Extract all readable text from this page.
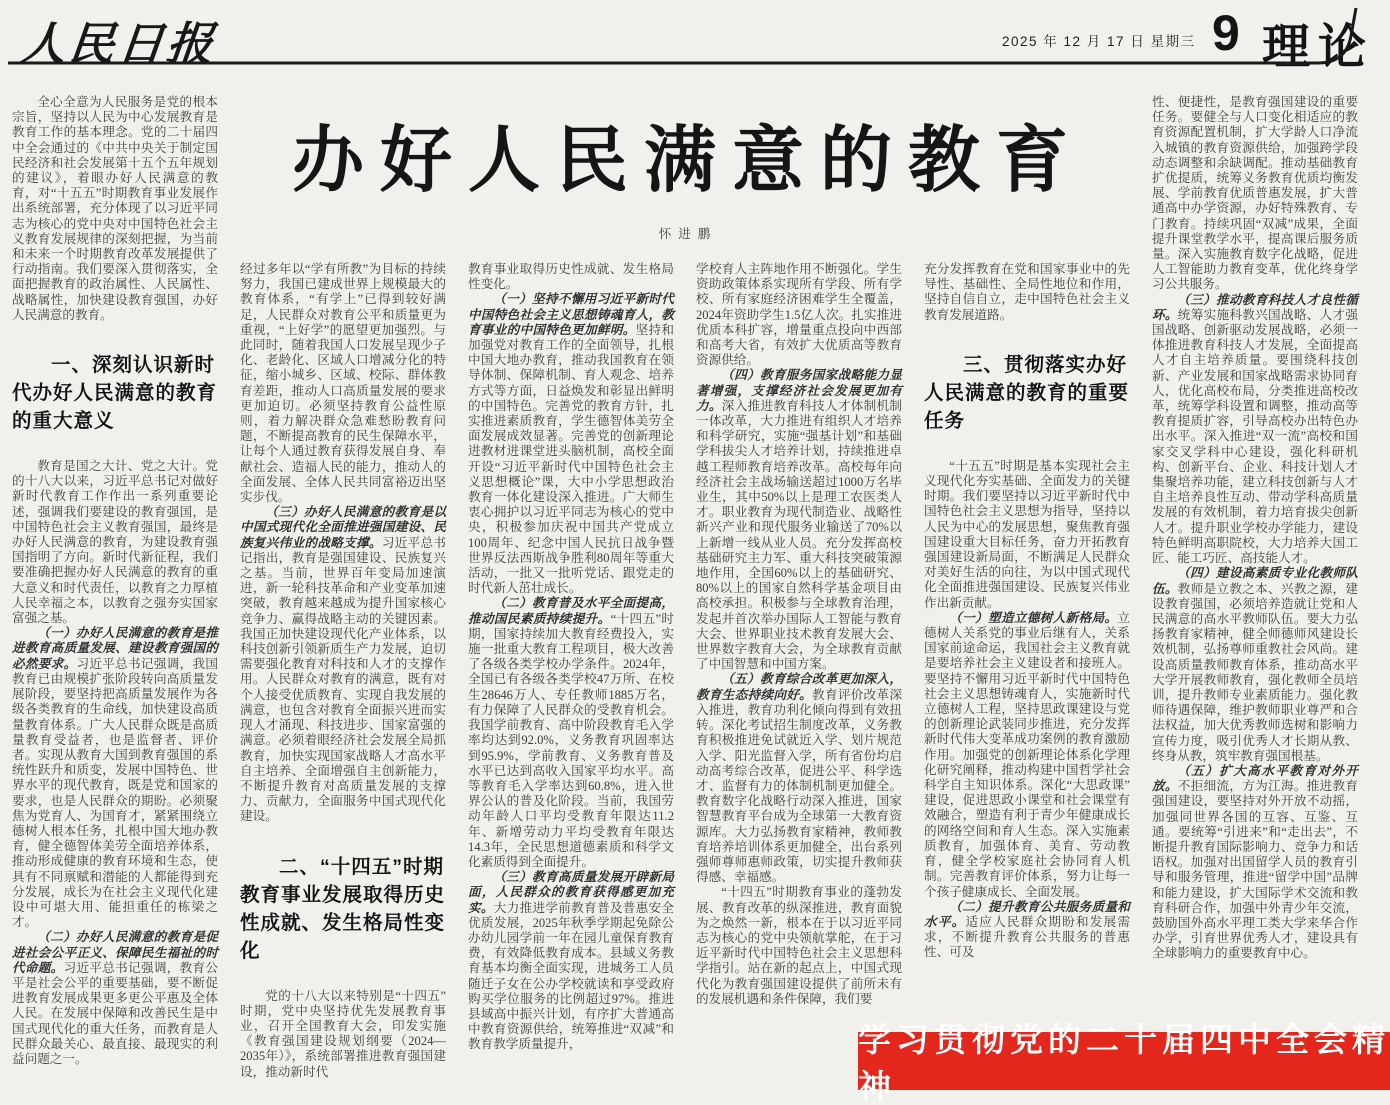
人民日报	2025 年 12 月 17 日 星期三 9 理论
办好人民满意的教育
怀进鹏

全心全意为人民服务是党的根本宗旨，坚持以人民为中心发展教育是教育工作的基本理念。党的二十届四中全会通过的《中共中央关于制定国民经济和社会发展第十五个五年规划的建议》，着眼办好人民满意的教育，对“十五五”时期教育事业发展作出系统部署，充分体现了以习近平同志为核心的党中央对中国特色社会主义教育发展规律的深刻把握，为当前和未来一个时期教育改革发展提供了行动指南。我们要深入贯彻落实，全面把握教育的政治属性、人民属性、战略属性，加快建设教育强国，办好人民满意的教育。

一、深刻认识新时代办好人民满意的教育的重大意义

教育是国之大计、党之大计。党的十八大以来，习近平总书记对做好新时代教育工作作出一系列重要论述，强调我们要建设的教育强国，是中国特色社会主义教育强国，最终是办好人民满意的教育，为建设教育强国指明了方向。新时代新征程，我们要准确把握办好人民满意的教育的重大意义和时代责任，以教育之力厚植人民幸福之本，以教育之强夯实国家富强之基。

（一）办好人民满意的教育是推进教育高质量发展、建设教育强国的必然要求。习近平总书记强调，我国教育已由规模扩张阶段转向高质量发展阶段，要坚持把高质量发展作为各级各类教育的生命线，加快建设高质量教育体系。广大人民群众既是高质量教育受益者，也是监督者、评价者。实现从教育大国到教育强国的系统性跃升和质变，发展中国特色、世界水平的现代教育，既是党和国家的要求，也是人民群众的期盼。必须聚焦为党育人、为国育才，紧紧围绕立德树人根本任务，扎根中国大地办教育，健全德智体美劳全面培养体系，推动形成健康的教育环境和生态，使具有不同禀赋和潜能的人都能得到充分发展，成长为在社会主义现代化建设中可堪大用、能担重任的栋梁之才。

（二）办好人民满意的教育是促进社会公平正义、保障民生福祉的时代命题。习近平总书记强调，教育公平是社会公平的重要基础，要不断促进教育发展成果更多更公平惠及全体人民。在发展中保障和改善民生是中国式现代化的重大任务，而教育是人民群众最关心、最直接、最现实的利益问题之一。

经过多年以“学有所教”为目标的持续努力，我国已建成世界上规模最大的教育体系，“有学上”已得到较好满足，人民群众对教育公平和质量更为重视，“上好学”的愿望更加强烈。与此同时，随着我国人口发展呈现少子化、老龄化、区域人口增减分化的特征，缩小城乡、区域、校际、群体教育差距，推动人口高质量发展的要求更加迫切。必须坚持教育公益性原则，着力解决群众急难愁盼教育问题，不断提高教育的民生保障水平，让每个人通过教育获得发展自身、奉献社会、造福人民的能力，推动人的全面发展、全体人民共同富裕迈出坚实步伐。

（三）办好人民满意的教育是以中国式现代化全面推进强国建设、民族复兴伟业的战略支撑。习近平总书记指出，教育是强国建设、民族复兴之基。当前，世界百年变局加速演进，新一轮科技革命和产业变革加速突破，教育越来越成为提升国家核心竞争力、赢得战略主动的关键因素。我国正加快建设现代化产业体系，以科技创新引领新质生产力发展，迫切需要强化教育对科技和人才的支撑作用。人民群众对教育的满意，既有对个人接受优质教育、实现自我发展的满意，也包含对教育全面振兴进而实现人才涌现、科技进步、国家富强的满意。必须着眼经济社会发展全局抓教育，加快实现国家战略人才高水平自主培养、全面增强自主创新能力，不断提升教育对高质量发展的支撑力、贡献力，全面服务中国式现代化建设。

二、“十四五”时期教育事业发展取得历史性成就、发生格局性变化

党的十八大以来特别是“十四五”时期，党中央坚持优先发展教育事业，召开全国教育大会，印发实施《教育强国建设规划纲要（2024—2035年）》，系统部署推进教育强国建设，推动新时代

教育事业取得历史性成就、发生格局性变化。

（一）坚持不懈用习近平新时代中国特色社会主义思想铸魂育人，教育事业的中国特色更加鲜明。坚持和加强党对教育工作的全面领导，扎根中国大地办教育，推动我国教育在领导体制、保障机制、育人观念、培养方式等方面，日益焕发和彰显出鲜明的中国特色。完善党的教育方针，扎实推进素质教育，学生德智体美劳全面发展成效显著。完善党的创新理论进教材进课堂进头脑机制，高校全面开设“习近平新时代中国特色社会主义思想概论”课，大中小学思想政治教育一体化建设深入推进。广大师生衷心拥护以习近平同志为核心的党中央，积极参加庆祝中国共产党成立100周年、纪念中国人民抗日战争暨世界反法西斯战争胜利80周年等重大活动，一批又一批听党话、跟党走的时代新人茁壮成长。

（二）教育普及水平全面提高，推动国民素质持续提升。“十四五”时期，国家持续加大教育经费投入，实施一批重大教育工程项目，极大改善了各级各类学校办学条件。2024年，全国已有各级各类学校47万所、在校生28646万人、专任教师1885万名，有力保障了人民群众的受教育机会。我国学前教育、高中阶段教育毛入学率均达到92.0%，义务教育巩固率达到95.9%，学前教育、义务教育普及水平已达到高收入国家平均水平。高等教育毛入学率达到60.8%，进入世界公认的普及化阶段。当前，我国劳动年龄人口平均受教育年限达11.2年、新增劳动力平均受教育年限达14.3年，全民思想道德素质和科学文化素质得到全面提升。

（三）教育高质量发展开辟新局面，人民群众的教育获得感更加充实。大力推进学前教育普及普惠安全优质发展，2025年秋季学期起免除公办幼儿园学前一年在园儿童保育教育费，有效降低教育成本。县域义务教育基本均衡全面实现，进城务工人员随迁子女在公办学校就读和享受政府购买学位服务的比例超过97%。推进县域高中振兴计划，有序扩大普通高中教育资源供给，统筹推进“双减”和教育教学质量提升，

学校育人主阵地作用不断强化。学生资助政策体系实现所有学段、所有学校、所有家庭经济困难学生全覆盖，2024年资助学生1.5亿人次。扎实推进优质本科扩容，增量重点投向中西部和高考大省，有效扩大优质高等教育资源供给。

（四）教育服务国家战略能力显著增强，支撑经济社会发展更加有力。深入推进教育科技人才体制机制一体改革，大力推进有组织人才培养和科学研究，实施“强基计划”和基础学科拔尖人才培养计划，持续推进卓越工程师教育培养改革。高校每年向经济社会主战场输送超过1000万名毕业生，其中50%以上是理工农医类人才。职业教育为现代制造业、战略性新兴产业和现代服务业输送了70%以上新增一线从业人员。充分发挥高校基础研究主力军、重大科技突破策源地作用，全国60%以上的基础研究、80%以上的国家自然科学基金项目由高校承担。积极参与全球教育治理，发起并首次举办国际人工智能与教育大会、世界职业技术教育发展大会、世界数字教育大会，为全球教育贡献了中国智慧和中国方案。

（五）教育综合改革更加深入，教育生态持续向好。教育评价改革深入推进，教育功利化倾向得到有效扭转。深化考试招生制度改革，义务教育积极推进免试就近入学、划片规范入学、阳光监督入学，所有省份均启动高考综合改革，促进公平、科学选才、监督有力的体制机制更加健全。教育数字化战略行动深入推进，国家智慧教育平台成为全球第一大教育资源库。大力弘扬教育家精神，教师教育培养培训体系更加健全，出台系列强师尊师惠师政策，切实提升教师获得感、幸福感。

“十四五”时期教育事业的蓬勃发展、教育改革的纵深推进，教育面貌为之焕然一新，根本在于以习近平同志为核心的党中央领航掌舵，在于习近平新时代中国特色社会主义思想科学指引。站在新的起点上，中国式现代化为教育强国建设提供了前所未有的发展机遇和条件保障，我们要

充分发挥教育在党和国家事业中的先导性、基础性、全局性地位和作用，坚持自信自立，走中国特色社会主义教育发展道路。

三、贯彻落实办好人民满意的教育的重要任务

“十五五”时期是基本实现社会主义现代化夯实基础、全面发力的关键时期。我们要坚持以习近平新时代中国特色社会主义思想为指导，坚持以人民为中心的发展思想，聚焦教育强国建设重大目标任务，奋力开拓教育强国建设新局面，不断满足人民群众对美好生活的向往，为以中国式现代化全面推进强国建设、民族复兴伟业作出新贡献。

（一）塑造立德树人新格局。立德树人关系党的事业后继有人，关系国家前途命运，我国社会主义教育就是要培养社会主义建设者和接班人。要坚持不懈用习近平新时代中国特色社会主义思想铸魂育人，实施新时代立德树人工程，坚持思政课建设与党的创新理论武装同步推进，充分发挥新时代伟大变革成功案例的教育激励作用。加强党的创新理论体系化学理化研究阐释，推动构建中国哲学社会科学自主知识体系。深化“大思政课”建设，促进思政小课堂和社会课堂有效融合，塑造有利于青少年健康成长的网络空间和育人生态。深入实施素质教育，加强体育、美育、劳动教育，健全学校家庭社会协同育人机制。完善教育评价体系，努力让每一个孩子健康成长、全面发展。

（二）提升教育公共服务质量和水平。适应人民群众期盼和发展需求，不断提升教育公共服务的普惠性、可及

性、便捷性，是教育强国建设的重要任务。要健全与人口变化相适应的教育资源配置机制，扩大学龄人口净流入城镇的教育资源供给，加强跨学段动态调整和余缺调配。推动基础教育扩优提质，统筹义务教育优质均衡发展、学前教育优质普惠发展，扩大普通高中办学资源，办好特殊教育、专门教育。持续巩固“双减”成果，全面提升课堂教学水平，提高课后服务质量。深入实施教育数字化战略，促进人工智能助力教育变革，优化终身学习公共服务。

（三）推动教育科技人才良性循环。统筹实施科教兴国战略、人才强国战略、创新驱动发展战略，必须一体推进教育科技人才发展，全面提高人才自主培养质量。要围绕科技创新、产业发展和国家战略需求协同育人，优化高校布局，分类推进高校改革，统筹学科设置和调整，推动高等教育提质扩容，引导高校办出特色办出水平。深入推进“双一流”高校和国家交叉学科中心建设，强化科研机构、创新平台、企业、科技计划人才集聚培养功能，建立科技创新与人才自主培养良性互动、带动学科高质量发展的有效机制，着力培育拔尖创新人才。提升职业学校办学能力，建设特色鲜明高职院校，大力培养大国工匠、能工巧匠、高技能人才。

（四）建设高素质专业化教师队伍。教师是立教之本、兴教之源，建设教育强国，必须培养造就让党和人民满意的高水平教师队伍。要大力弘扬教育家精神，健全师德师风建设长效机制，弘扬尊师重教社会风尚。建设高质量教师教育体系，推动高水平大学开展教师教育，强化教师全员培训，提升教师专业素质能力。强化教师待遇保障，维护教师职业尊严和合法权益，加大优秀教师选树和影响力宣传力度，吸引优秀人才长期从教、终身从教，筑牢教育强国根基。

（五）扩大高水平教育对外开放。不拒细流，方为江海。推进教育强国建设，要坚持对外开放不动摇，加强同世界各国的互容、互鉴、互通。要统筹“引进来”和“走出去”，不断提升教育国际影响力、竞争力和话语权。加强对出国留学人员的教育引导和服务管理，推进“留学中国”品牌和能力建设，扩大国际学术交流和教育科研合作，加强中外青少年交流，鼓励国外高水平理工类大学来华合作办学，引育世界优秀人才，建设具有全球影响力的重要教育中心。

学习贯彻党的二十届四中全会精神
